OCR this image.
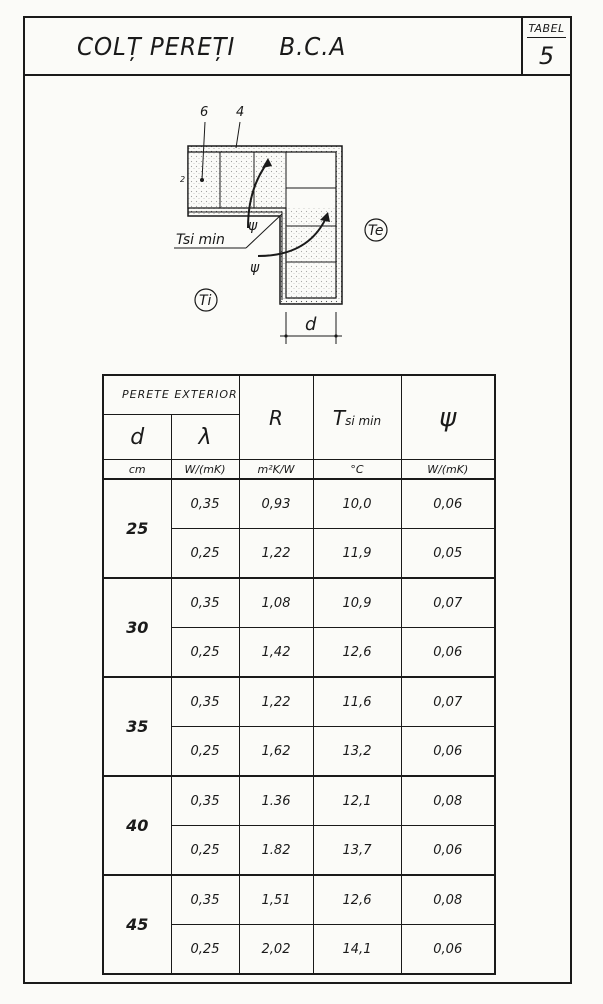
COLȚ PEREȚI B.C.A
TABEL
5
6 4
2
ψ
ψ
Tsi min
Te
Ti
d
PERETE EXTERIOR		R	Tsi min	ψ
d	λ			
cm	W/(mK)	m²K/W	°C	W/(mK)
25	0,35	0,93	10,0	0,06
	0,25	1,22	11,9	0,05
30	0,35	1,08	10,9	0,07
	0,25	1,42	12,6	0,06
35	0,35	1,22	11,6	0,07
	0,25	1,62	13,2	0,06
40	0,35	1.36	12,1	0,08
	0,25	1.82	13,7	0,06
45	0,35	1,51	12,6	0,08
	0,25	2,02	14,1	0,06
